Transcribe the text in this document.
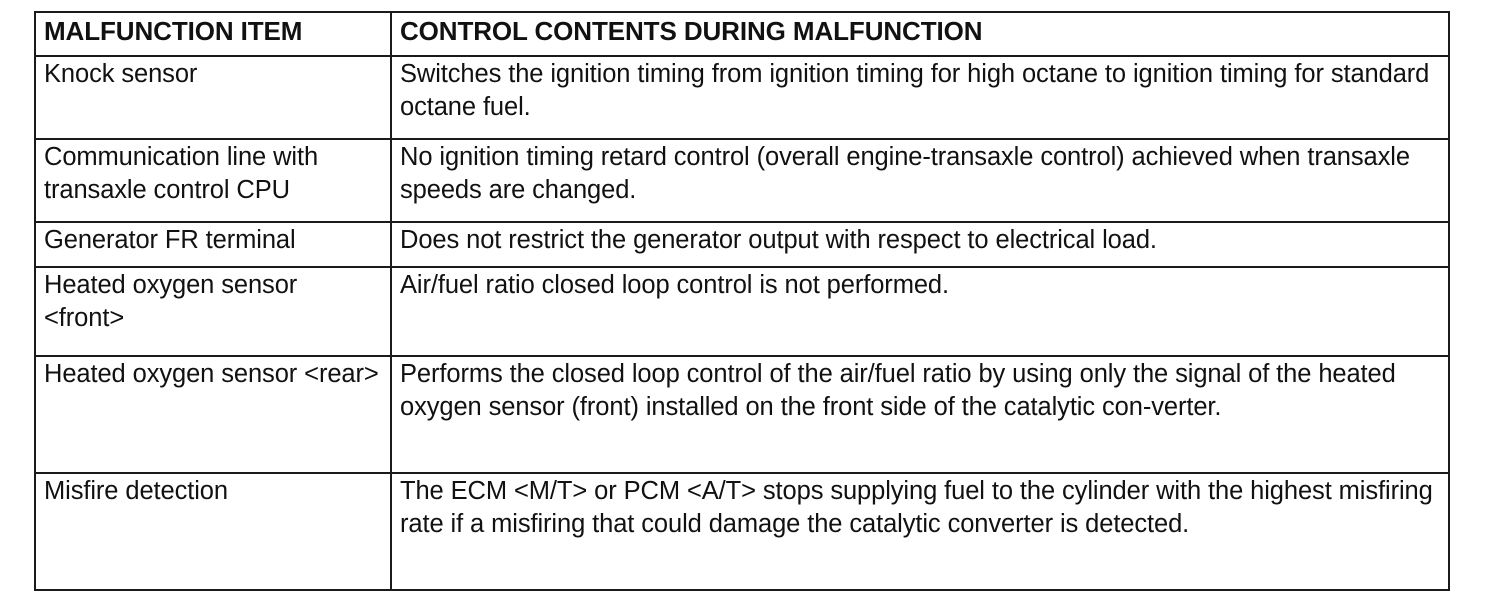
MALFUNCTION ITEM	CONTROL CONTENTS DURING MALFUNCTION
Knock sensor	Switches the ignition timing from ignition timing for high octane to ignition timing for standard octane fuel.
Communication line with transaxle control CPU	No ignition timing retard control (overall engine-transaxle control) achieved when transaxle speeds are changed.
Generator FR terminal	Does not restrict the generator output with respect to electrical load.
Heated oxygen sensor <front>	Air/fuel ratio closed loop control is not performed.
Heated oxygen sensor <rear>	Performs the closed loop control of the air/fuel ratio by using only the signal of the heated oxygen sensor (front) installed on the front side of the catalytic con-verter.
Misfire detection	The ECM <M/T> or PCM <A/T> stops supplying fuel to the cylinder with the highest misfiring rate if a misfiring that could damage the catalytic converter is detected.
